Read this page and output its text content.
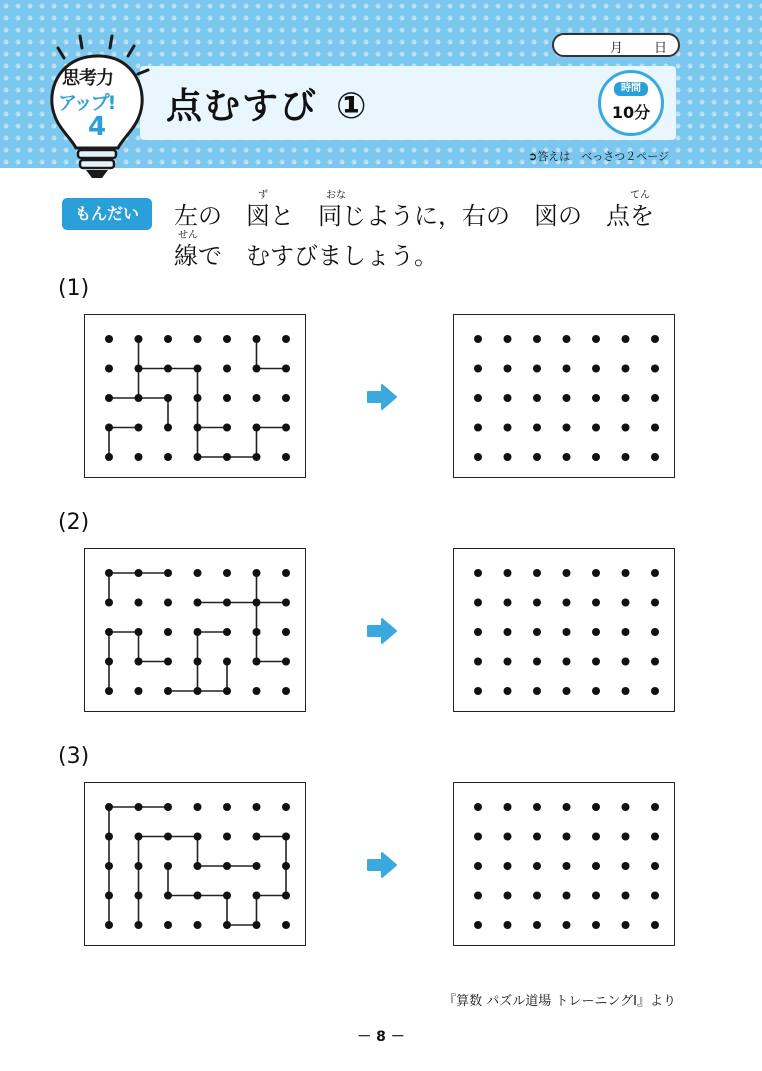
思考力
アップ!
4 点むすび ①
月 日
時間
10分
➲答えは　べっさつ２ページ
もんだい
ず	おな	てん
左の　図と　同じように，右の　図の　点を
せん
線で　むすびましょう。
(1)
(2)
(3)
『算数 パズル道場 トレーニングⅠ』より
－ 8 －
